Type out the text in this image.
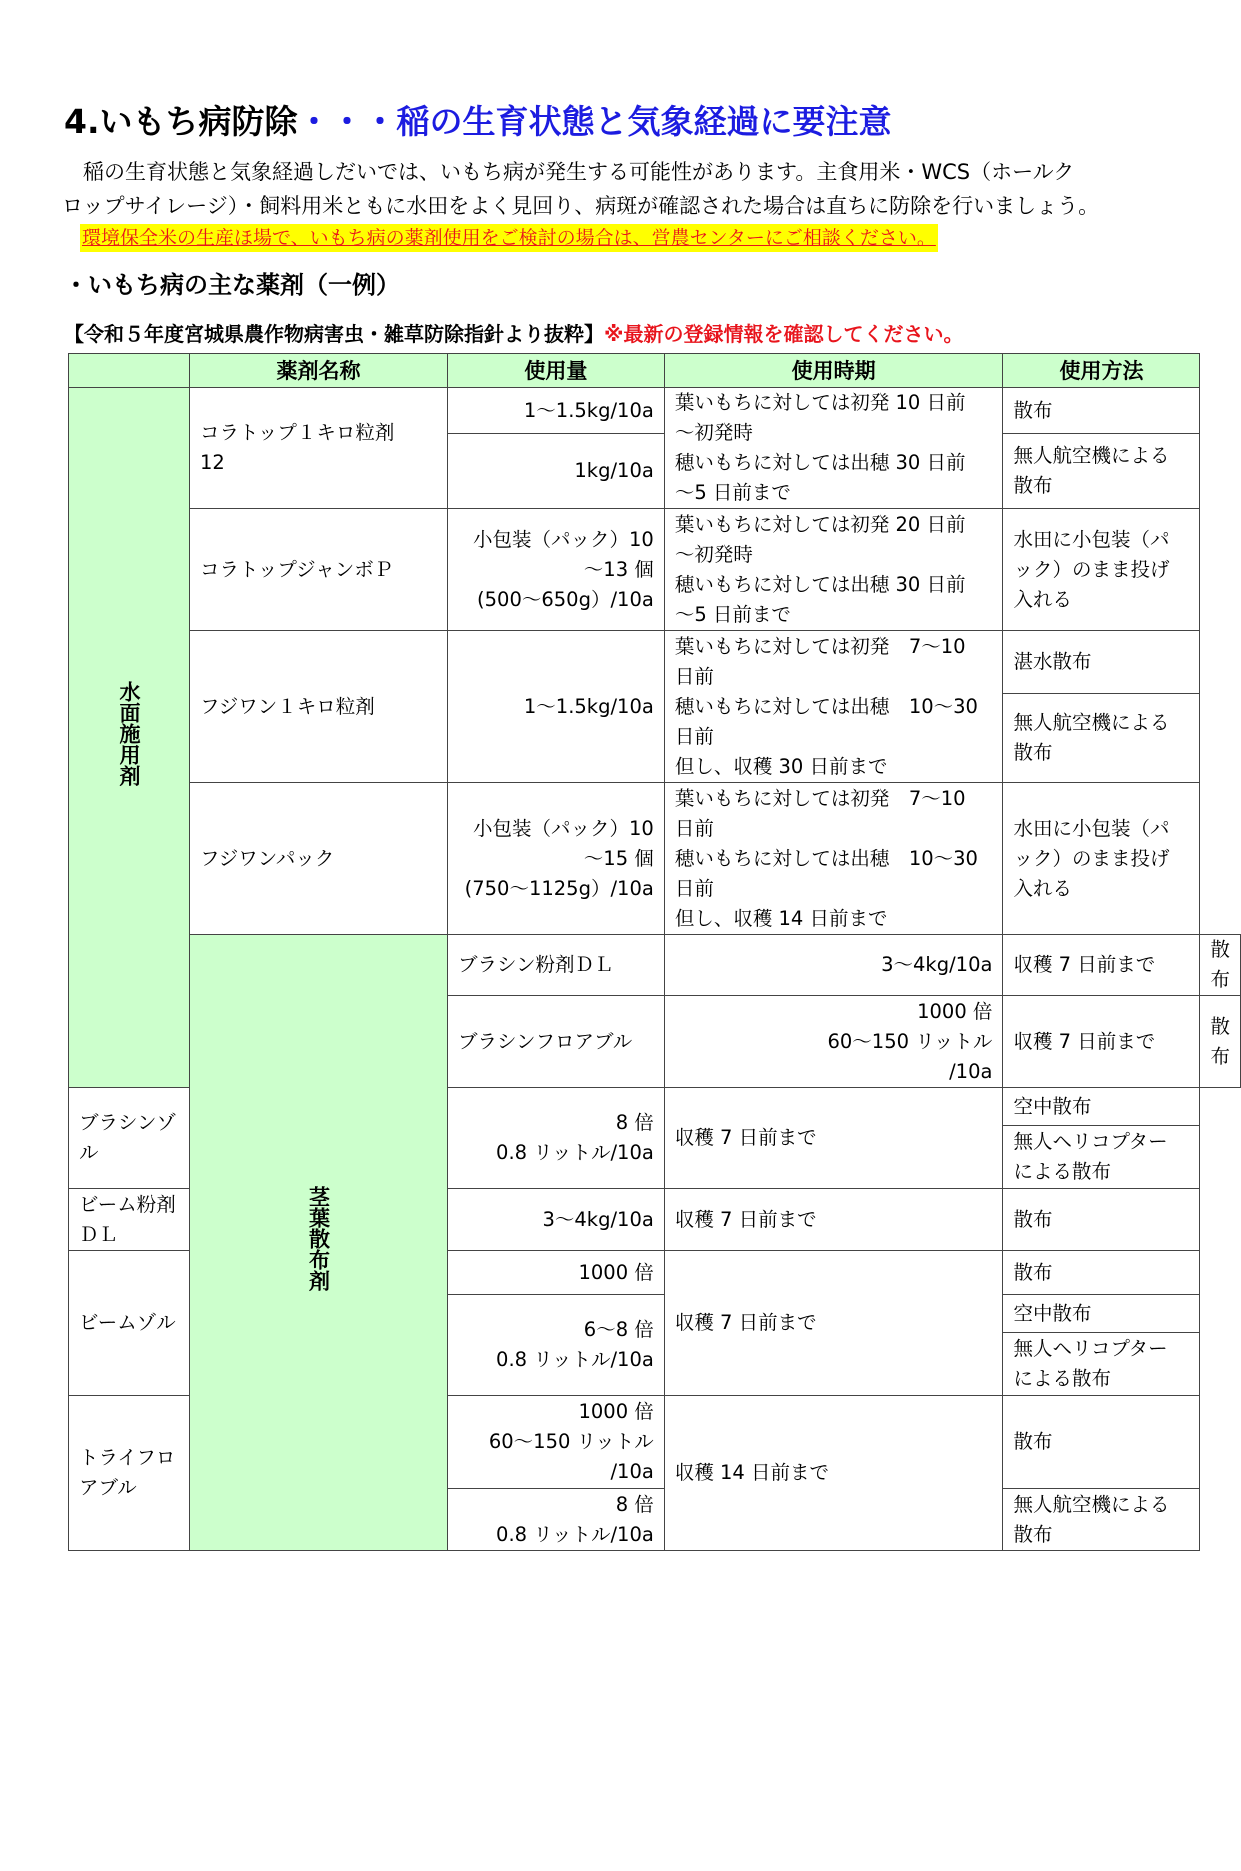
4.いもち病防除・・・稲の生育状態と気象経過に要注意

稲の生育状態と気象経過しだいでは、いもち病が発生する可能性があります。主食用米・WCS（ホールク

ロップサイレージ）・飼料用米ともに水田をよく見回り、病斑が確認された場合は直ちに防除を行いましょう。

環境保全米の生産ほ場で、いもち病の薬剤使用をご検討の場合は、営農センターにご相談ください。
・いもち病の主な薬剤（一例）
【令和５年度宮城県農作物病害虫・雑草防除指針より抜粋】※最新の登録情報を確認してください。
	薬剤名称	使用量	使用時期	使用方法	
水面施用剤	コラトップ１キロ粒剤
12	1～1.5kg/10a	葉いもちに対しては初発 10 日前
～初発時
穂いもちに対しては出穂 30 日前
～5 日前まで	散布	
		1kg/10a		無人航空機による
散布	
	コラトップジャンボＰ	小包装（パック）10
～13 個
(500～650g）/10a	葉いもちに対しては初発 20 日前
～初発時
穂いもちに対しては出穂 30 日前
～5 日前まで	水田に小包装（パ
ック）のまま投げ
入れる	
	フジワン１キロ粒剤	1～1.5kg/10a	葉いもちに対しては初発　7～10
日前
穂いもちに対しては出穂　10～30
日前
但し、収穫 30 日前まで	湛水散布	
				無人航空機による
散布	
	フジワンパック	小包装（パック）10
～15 個
(750～1125g）/10a	葉いもちに対しては初発　7～10
日前
穂いもちに対しては出穂　10～30
日前
但し、収穫 14 日前まで	水田に小包装（パ
ック）のまま投げ
入れる	
	茎葉散布剤	ブラシン粉剤ＤＬ	3～4kg/10a	収穫 7 日前まで	散布
		ブラシンフロアブル	1000 倍
60～150 リットル
/10a	収穫 7 日前まで	散布
ブラシンゾル		8 倍
0.8 リットル/10a	収穫 7 日前まで	空中散布	
				無人ヘリコプター
による散布	
ビーム粉剤ＤＬ		3～4kg/10a	収穫 7 日前まで	散布	
ビームゾル		1000 倍	収穫 7 日前まで	散布	
		6～8 倍
0.8 リットル/10a		空中散布	
				無人ヘリコプター
による散布	
トライフロアブル		1000 倍
60～150 リットル
/10a	収穫 14 日前まで	散布	
		8 倍
0.8 リットル/10a		無人航空機による
散布	
